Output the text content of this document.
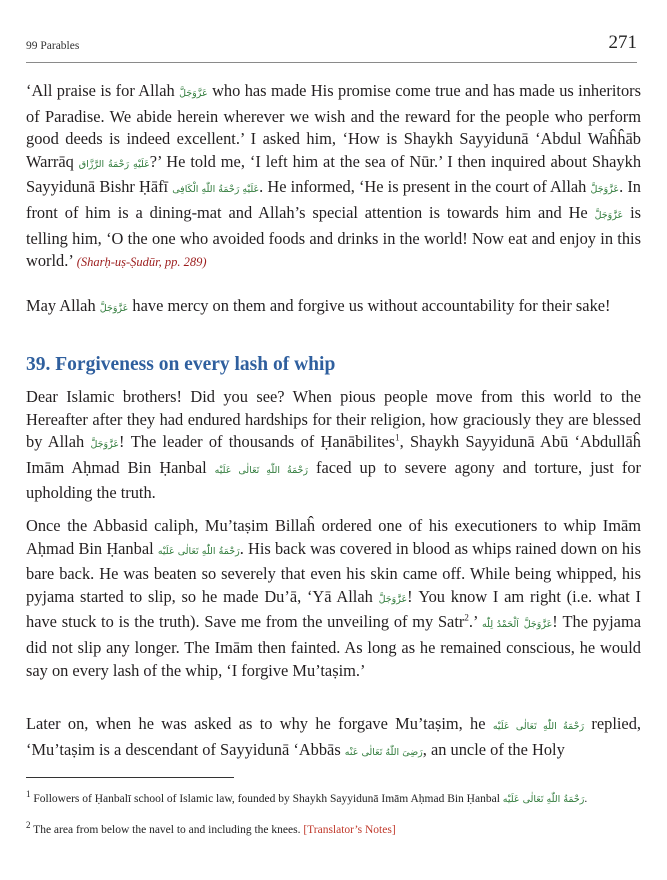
99 Parables	271

‘All praise is for Allah عَزَّوَجَلَّ who has made His promise come true and has made us inheritors of Paradise. We abide herein wherever we wish and the reward for the people who perform good deeds is indeed excellent.’ I asked him, ‘How is Shaykh Sayyidunā ‘Abdul Waĥĥāb Warrāq عَلَيْهِ رَحْمَةُ الرَّزَّاق?’ He told me, ‘I left him at the sea of Nūr.’ I then inquired about Shaykh Sayyidunā Bishr Ḥāfī عَلَيْهِ رَحْمَةُ اللّٰهِ الْكَافِى. He informed, ‘He is present in the court of Allah عَزَّوَجَلَّ. In front of him is a dining-mat and Allah’s special attention is towards him and He عَزَّوَجَلَّ is telling him, ‘O the one who avoided foods and drinks in the world! Now eat and enjoy in this world.’ (Sharḥ-uṣ-Ṣudūr, pp. 289)

May Allah عَزَّوَجَلَّ have mercy on them and forgive us without accountability for their sake!

39. Forgiveness on every lash of whip

Dear Islamic brothers! Did you see? When pious people move from this world to the Hereafter after they had endured hardships for their religion, how graciously they are blessed by Allah عَزَّوَجَلَّ! The leader of thousands of Ḥanābilites$^1$, Shaykh Sayyidunā Abū ‘Abdullāĥ Imām Aḥmad Bin Ḥanbal رَحْمَةُ اللّٰهِ تَعَالٰى عَلَيْه faced up to severe agony and torture, just for upholding the truth.

Once the Abbasid caliph, Mu’taṣim Billaĥ ordered one of his executioners to whip Imām Aḥmad Bin Ḥanbal رَحْمَةُ اللّٰهِ تَعَالٰى عَلَيْه. His back was covered in blood as whips rained down on his bare back. He was beaten so severely that even his skin came off. While being whipped, his pyjama started to slip, so he made Du’ā, ‘Yā Allah عَزَّوَجَلَّ! You know I am right (i.e. what I have stuck to is the truth). Save me from the unveiling of my Satr$^2$.’ اَلْحَمْدُ لِلّٰه عَزَّوَجَلَّ! The pyjama did not slip any longer. The Imām then fainted. As long as he remained conscious, he would say on every lash of the whip, ‘I forgive Mu’taṣim.’

Later on, when he was asked as to why he forgave Mu’taṣim, he رَحْمَةُ اللّٰهِ تَعَالٰى عَلَيْه replied, ‘Mu’taṣim is a descendant of Sayyidunā ‘Abbās رَضِىَ اللّٰهُ تَعَالٰى عَنْه, an uncle of the Holy

$^1$ Followers of Ḥanbalī school of Islamic law, founded by Shaykh Sayyidunā Imām Aḥmad Bin Ḥanbal رَحْمَةُ اللّٰهِ تَعَالٰى عَلَيْه.

$^2$ The area from below the navel to and including the knees. [Translator’s Notes]
